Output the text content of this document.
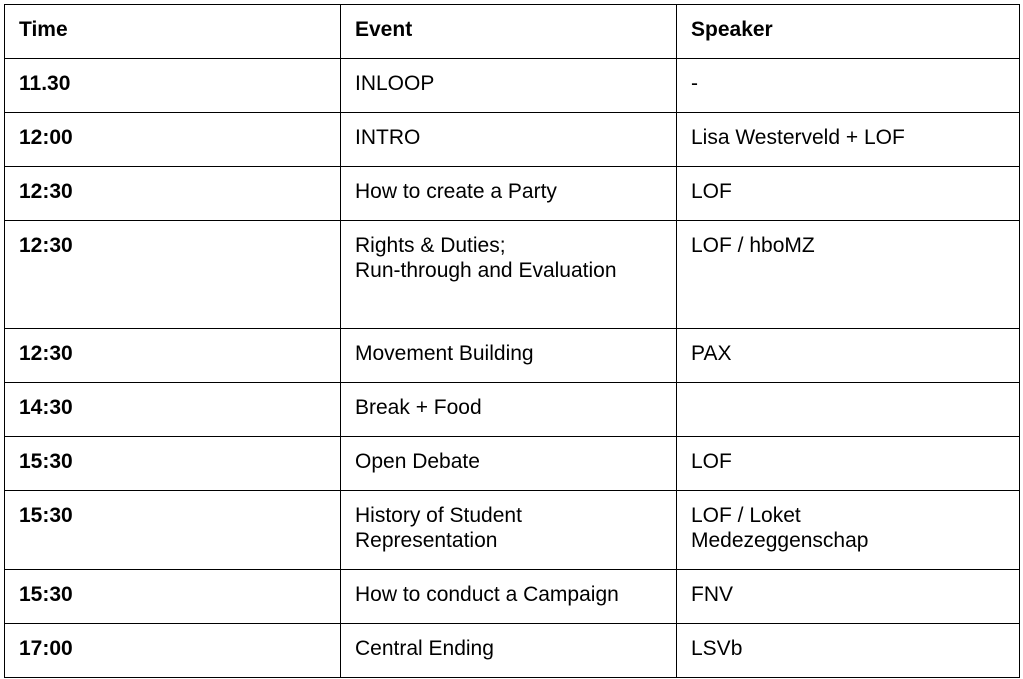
Time	Event	Speaker
11.30	INLOOP	-

12:00	INTRO	Lisa Westerveld + LOF

12:30	How to create a Party	LOF

12:30	Rights & Duties;
Run-through and Evaluation	LOF / hboMZ

12:30	Movement Building	PAX

14:30	Break + Food	

15:30	Open Debate	LOF

15:30	History of Student
Representation	LOF / Loket
Medezeggenschap

15:30	How to conduct a Campaign	FNV

17:00	Central Ending	LSVb
